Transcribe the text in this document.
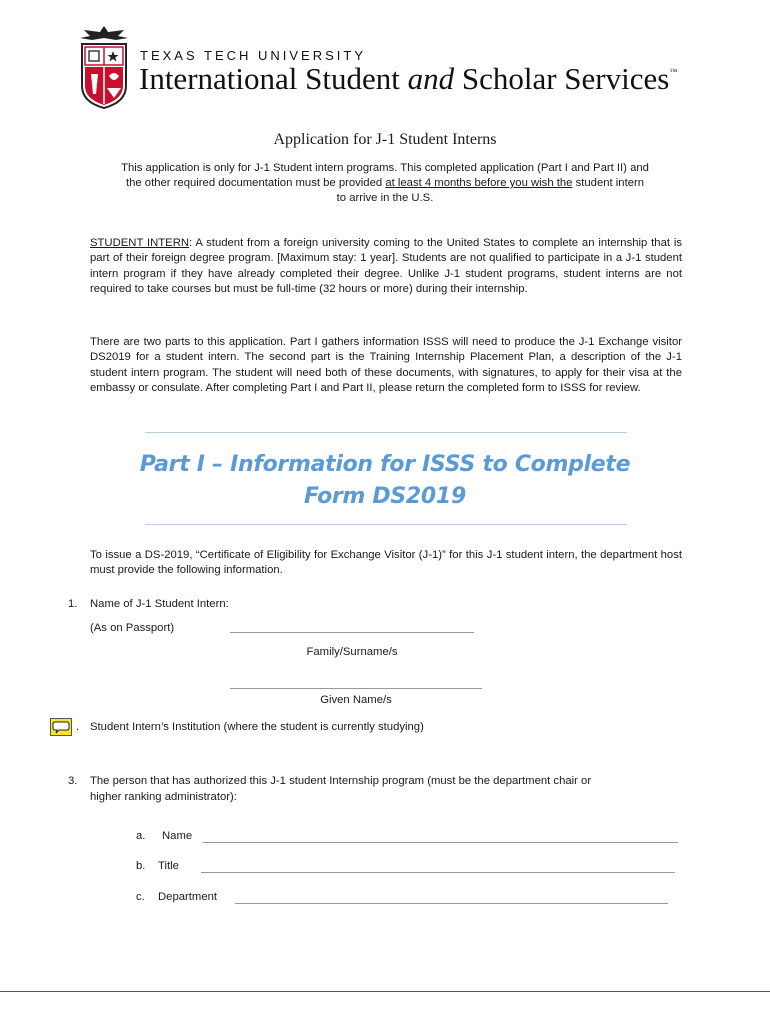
TEXAS TECH UNIVERSITY
International Student and Scholar Services™
Application for J-1 Student Interns
This application is only for J-1 Student intern programs. This completed application (Part I and Part II) and the other required documentation must be provided at least 4 months before you wish the student intern to arrive in the U.S.
STUDENT INTERN: A student from a foreign university coming to the United States to complete an internship that is part of their foreign degree program. [Maximum stay: 1 year]. Students are not qualified to participate in a J-1 student intern program if they have already completed their degree. Unlike J-1 student programs, student interns are not required to take courses but must be full-time (32 hours or more) during their internship.
There are two parts to this application. Part I gathers information ISSS will need to produce the J-1 Exchange visitor DS2019 for a student intern. The second part is the Training Internship Placement Plan, a description of the J-1 student intern program. The student will need both of these documents, with signatures, to apply for their visa at the embassy or consulate. After completing Part I and Part II, please return the completed form to ISSS for review.
Part I – Information for ISSS to Complete
Form DS2019
To issue a DS-2019, “Certificate of Eligibility for Exchange Visitor (J-1)” for this J-1 student intern, the department host must provide the following information.
1. Name of J-1 Student Intern:
(As on Passport)
Family/Surname/s
Given Name/s
. Student Intern’s Institution (where the student is currently studying)
3. The person that has authorized this J-1 student Internship program (must be the department chair or
higher ranking administrator):
a. Name
b. Title
c. Department
